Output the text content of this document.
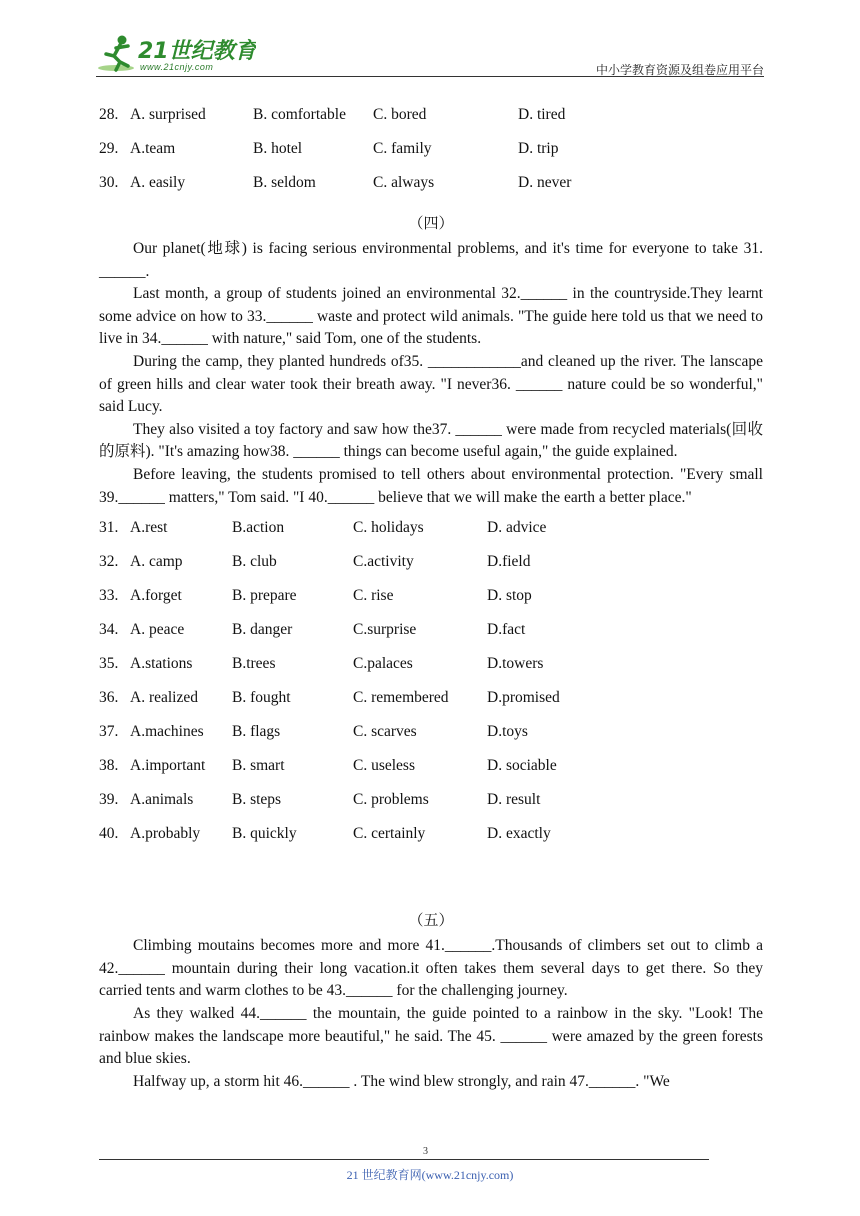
21世纪教育
www.21cnjy.com	中小学教育资源及组卷应用平台
28. A. surprised	B. comfortable	C. bored	D. tired
29. A.team	B. hotel	C. family	D. trip
30. A. easily	B. seldom	C. always	D. never
（四）

Our planet(地球) is facing serious environmental problems, and it's time for everyone to take 31. ______.

Last month, a group of students joined an environmental 32.______ in the countryside.They learnt some advice on how to 33.______ waste and protect wild animals. "The guide here told us that we need to live in 34.______ with nature," said Tom, one of the students.

During the camp, they planted hundreds of35. ____________and cleaned up the river. The lanscape of green hills and clear water took their breath away. "I never36. ______ nature could be so wonderful," said Lucy.

They also visited a toy factory and saw how the37. ______ were made from recycled materials(回收的原料). "It's amazing how38. ______ things can become useful again," the guide explained.

Before leaving, the students promised to tell others about environmental protection. "Every small 39.______ matters," Tom said. "I 40.______ believe that we will make the earth a better place."

31. A.rest	B.action	C. holidays	D. advice
32. A. camp	B. club	C.activity	D.field
33. A.forget	B. prepare	C. rise	D. stop
34. A. peace	B. danger	C.surprise	D.fact
35. A.stations	B.trees	C.palaces	D.towers
36. A. realized	B. fought	C. remembered	D.promised
37. A.machines	B. flags	C. scarves	D.toys
38. A.important	B. smart	C. useless	D. sociable
39. A.animals	B. steps	C. problems	D. result
40. A.probably	B. quickly	C. certainly	D. exactly
（五）

Climbing moutains becomes more and more 41.______.Thousands of climbers set out to climb a 42.______ mountain during their long vacation.it often takes them several days to get there. So they carried tents and warm clothes to be 43.______ for the challenging journey.

As they walked 44.______ the mountain, the guide pointed to a rainbow in the sky. "Look! The rainbow makes the landscape more beautiful," he said. The 45. ______ were amazed by the green forests and blue skies.

Halfway up, a storm hit 46.______ . The wind blew strongly, and rain 47.______. "We

3
21 世纪教育网(www.21cnjy.com)
